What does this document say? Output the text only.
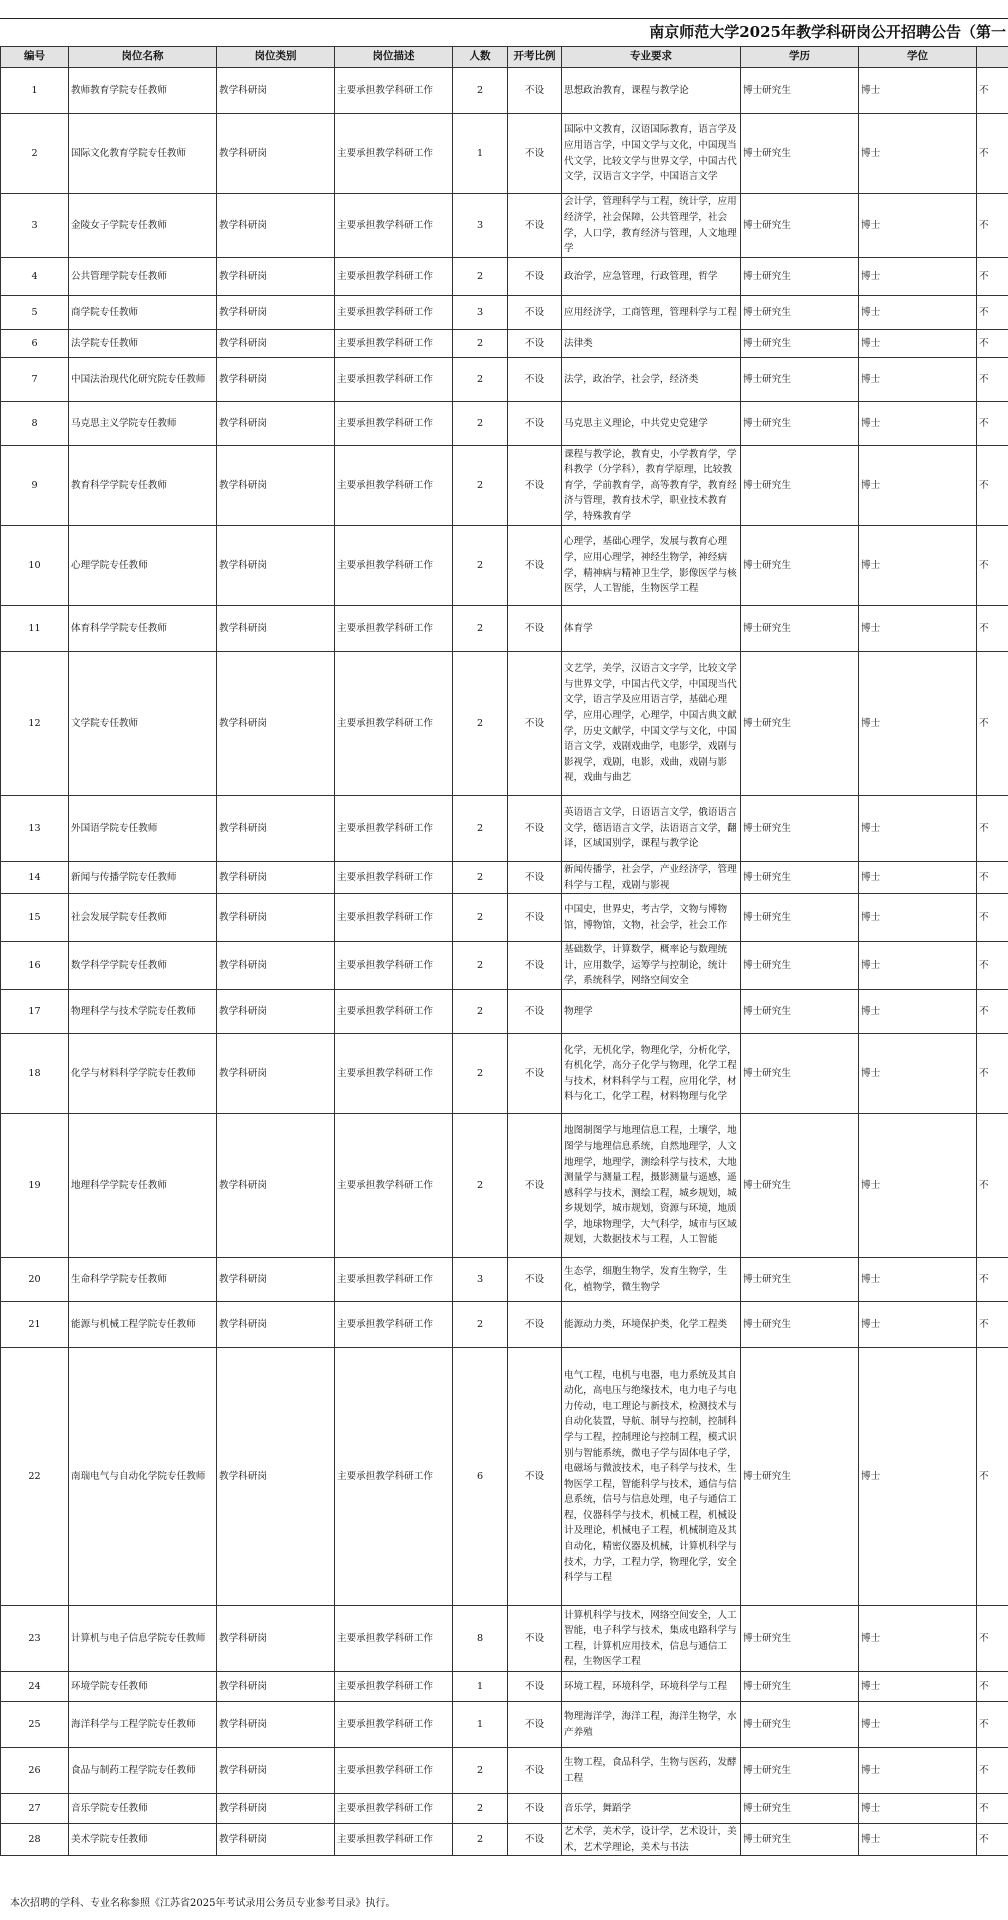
南京师范大学2025年教学科研岗公开招聘公告（第一
编号	岗位名称	岗位类别	岗位描述	人数	开考比例	专业要求	学历	学位	
1	教师教育学院专任教师	教学科研岗	主要承担教学科研工作	2	不设	思想政治教育，课程与教学论	博士研究生	博士	不
2	国际文化教育学院专任教师	教学科研岗	主要承担教学科研工作	1	不设	国际中文教育，汉语国际教育，语言学及应用语言学，中国文学与文化，中国现当代文学，比较文学与世界文学，中国古代文学，汉语言文字学，中国语言文学	博士研究生	博士	不
3	金陵女子学院专任教师	教学科研岗	主要承担教学科研工作	3	不设	会计学，管理科学与工程，统计学，应用经济学，社会保障，公共管理学，社会学，人口学，教育经济与管理，人文地理学	博士研究生	博士	不
4	公共管理学院专任教师	教学科研岗	主要承担教学科研工作	2	不设	政治学，应急管理，行政管理，哲学	博士研究生	博士	不
5	商学院专任教师	教学科研岗	主要承担教学科研工作	3	不设	应用经济学，工商管理，管理科学与工程	博士研究生	博士	不
6	法学院专任教师	教学科研岗	主要承担教学科研工作	2	不设	法律类	博士研究生	博士	不
7	中国法治现代化研究院专任教师	教学科研岗	主要承担教学科研工作	2	不设	法学，政治学，社会学，经济类	博士研究生	博士	不
8	马克思主义学院专任教师	教学科研岗	主要承担教学科研工作	2	不设	马克思主义理论，中共党史党建学	博士研究生	博士	不
9	教育科学学院专任教师	教学科研岗	主要承担教学科研工作	2	不设	课程与教学论，教育史，小学教育学，学科教学（分学科），教育学原理，比较教育学，学前教育学，高等教育学，教育经济与管理，教育技术学，职业技术教育学，特殊教育学	博士研究生	博士	不
10	心理学院专任教师	教学科研岗	主要承担教学科研工作	2	不设	心理学，基础心理学，发展与教育心理学，应用心理学，神经生物学，神经病学，精神病与精神卫生学，影像医学与核医学，人工智能，生物医学工程	博士研究生	博士	不
11	体育科学学院专任教师	教学科研岗	主要承担教学科研工作	2	不设	体育学	博士研究生	博士	不
12	文学院专任教师	教学科研岗	主要承担教学科研工作	2	不设	文艺学，美学，汉语言文字学，比较文学与世界文学，中国古代文学，中国现当代文学，语言学及应用语言学，基础心理学，应用心理学，心理学，中国古典文献学，历史文献学，中国文学与文化，中国语言文学，戏剧戏曲学，电影学，戏剧与影视学，戏剧，电影，戏曲，戏剧与影视，戏曲与曲艺	博士研究生	博士	不
13	外国语学院专任教师	教学科研岗	主要承担教学科研工作	2	不设	英语语言文学，日语语言文学，俄语语言文学，德语语言文学，法语语言文学，翻译，区域国别学，课程与教学论	博士研究生	博士	不
14	新闻与传播学院专任教师	教学科研岗	主要承担教学科研工作	2	不设	新闻传播学，社会学，产业经济学，管理科学与工程，戏剧与影视	博士研究生	博士	不
15	社会发展学院专任教师	教学科研岗	主要承担教学科研工作	2	不设	中国史，世界史，考古学，文物与博物馆，博物馆，文物，社会学，社会工作	博士研究生	博士	不
16	数学科学学院专任教师	教学科研岗	主要承担教学科研工作	2	不设	基础数学，计算数学，概率论与数理统计，应用数学，运筹学与控制论，统计学，系统科学，网络空间安全	博士研究生	博士	不
17	物理科学与技术学院专任教师	教学科研岗	主要承担教学科研工作	2	不设	物理学	博士研究生	博士	不
18	化学与材料科学学院专任教师	教学科研岗	主要承担教学科研工作	2	不设	化学，无机化学，物理化学，分析化学，有机化学，高分子化学与物理，化学工程与技术，材料科学与工程，应用化学，材料与化工，化学工程，材料物理与化学	博士研究生	博士	不
19	地理科学学院专任教师	教学科研岗	主要承担教学科研工作	2	不设	地图制图学与地理信息工程，土壤学，地图学与地理信息系统，自然地理学，人文地理学，地理学，测绘科学与技术，大地测量学与测量工程，摄影测量与遥感，遥感科学与技术，测绘工程，城乡规划，城乡规划学，城市规划，资源与环境，地质学，地球物理学，大气科学，城市与区域规划，大数据技术与工程，人工智能	博士研究生	博士	不
20	生命科学学院专任教师	教学科研岗	主要承担教学科研工作	3	不设	生态学，细胞生物学，发育生物学，生化，植物学，微生物学	博士研究生	博士	不
21	能源与机械工程学院专任教师	教学科研岗	主要承担教学科研工作	2	不设	能源动力类，环境保护类，化学工程类	博士研究生	博士	不
22	南瑞电气与自动化学院专任教师	教学科研岗	主要承担教学科研工作	6	不设	电气工程，电机与电器，电力系统及其自动化，高电压与绝缘技术，电力电子与电力传动，电工理论与新技术，检测技术与自动化装置，导航、制导与控制，控制科学与工程，控制理论与控制工程，模式识别与智能系统，微电子学与固体电子学，电磁场与微波技术，电子科学与技术，生物医学工程，智能科学与技术，通信与信息系统，信号与信息处理，电子与通信工程，仪器科学与技术，机械工程，机械设计及理论，机械电子工程，机械制造及其自动化，精密仪器及机械，计算机科学与技术，力学，工程力学，物理化学，安全科学与工程	博士研究生	博士	不
23	计算机与电子信息学院专任教师	教学科研岗	主要承担教学科研工作	8	不设	计算机科学与技术，网络空间安全，人工智能，电子科学与技术，集成电路科学与工程，计算机应用技术，信息与通信工程，生物医学工程	博士研究生	博士	不
24	环境学院专任教师	教学科研岗	主要承担教学科研工作	1	不设	环境工程，环境科学，环境科学与工程	博士研究生	博士	不
25	海洋科学与工程学院专任教师	教学科研岗	主要承担教学科研工作	1	不设	物理海洋学，海洋工程，海洋生物学，水产养殖	博士研究生	博士	不
26	食品与制药工程学院专任教师	教学科研岗	主要承担教学科研工作	2	不设	生物工程，食品科学，生物与医药，发酵工程	博士研究生	博士	不
27	音乐学院专任教师	教学科研岗	主要承担教学科研工作	2	不设	音乐学，舞蹈学	博士研究生	博士	不
28	美术学院专任教师	教学科研岗	主要承担教学科研工作	2	不设	艺术学，美术学，设计学，艺术设计，美术，艺术学理论，美术与书法	博士研究生	博士	不
本次招聘的学科、专业名称参照《江苏省2025年考试录用公务员专业参考目录》执行。
